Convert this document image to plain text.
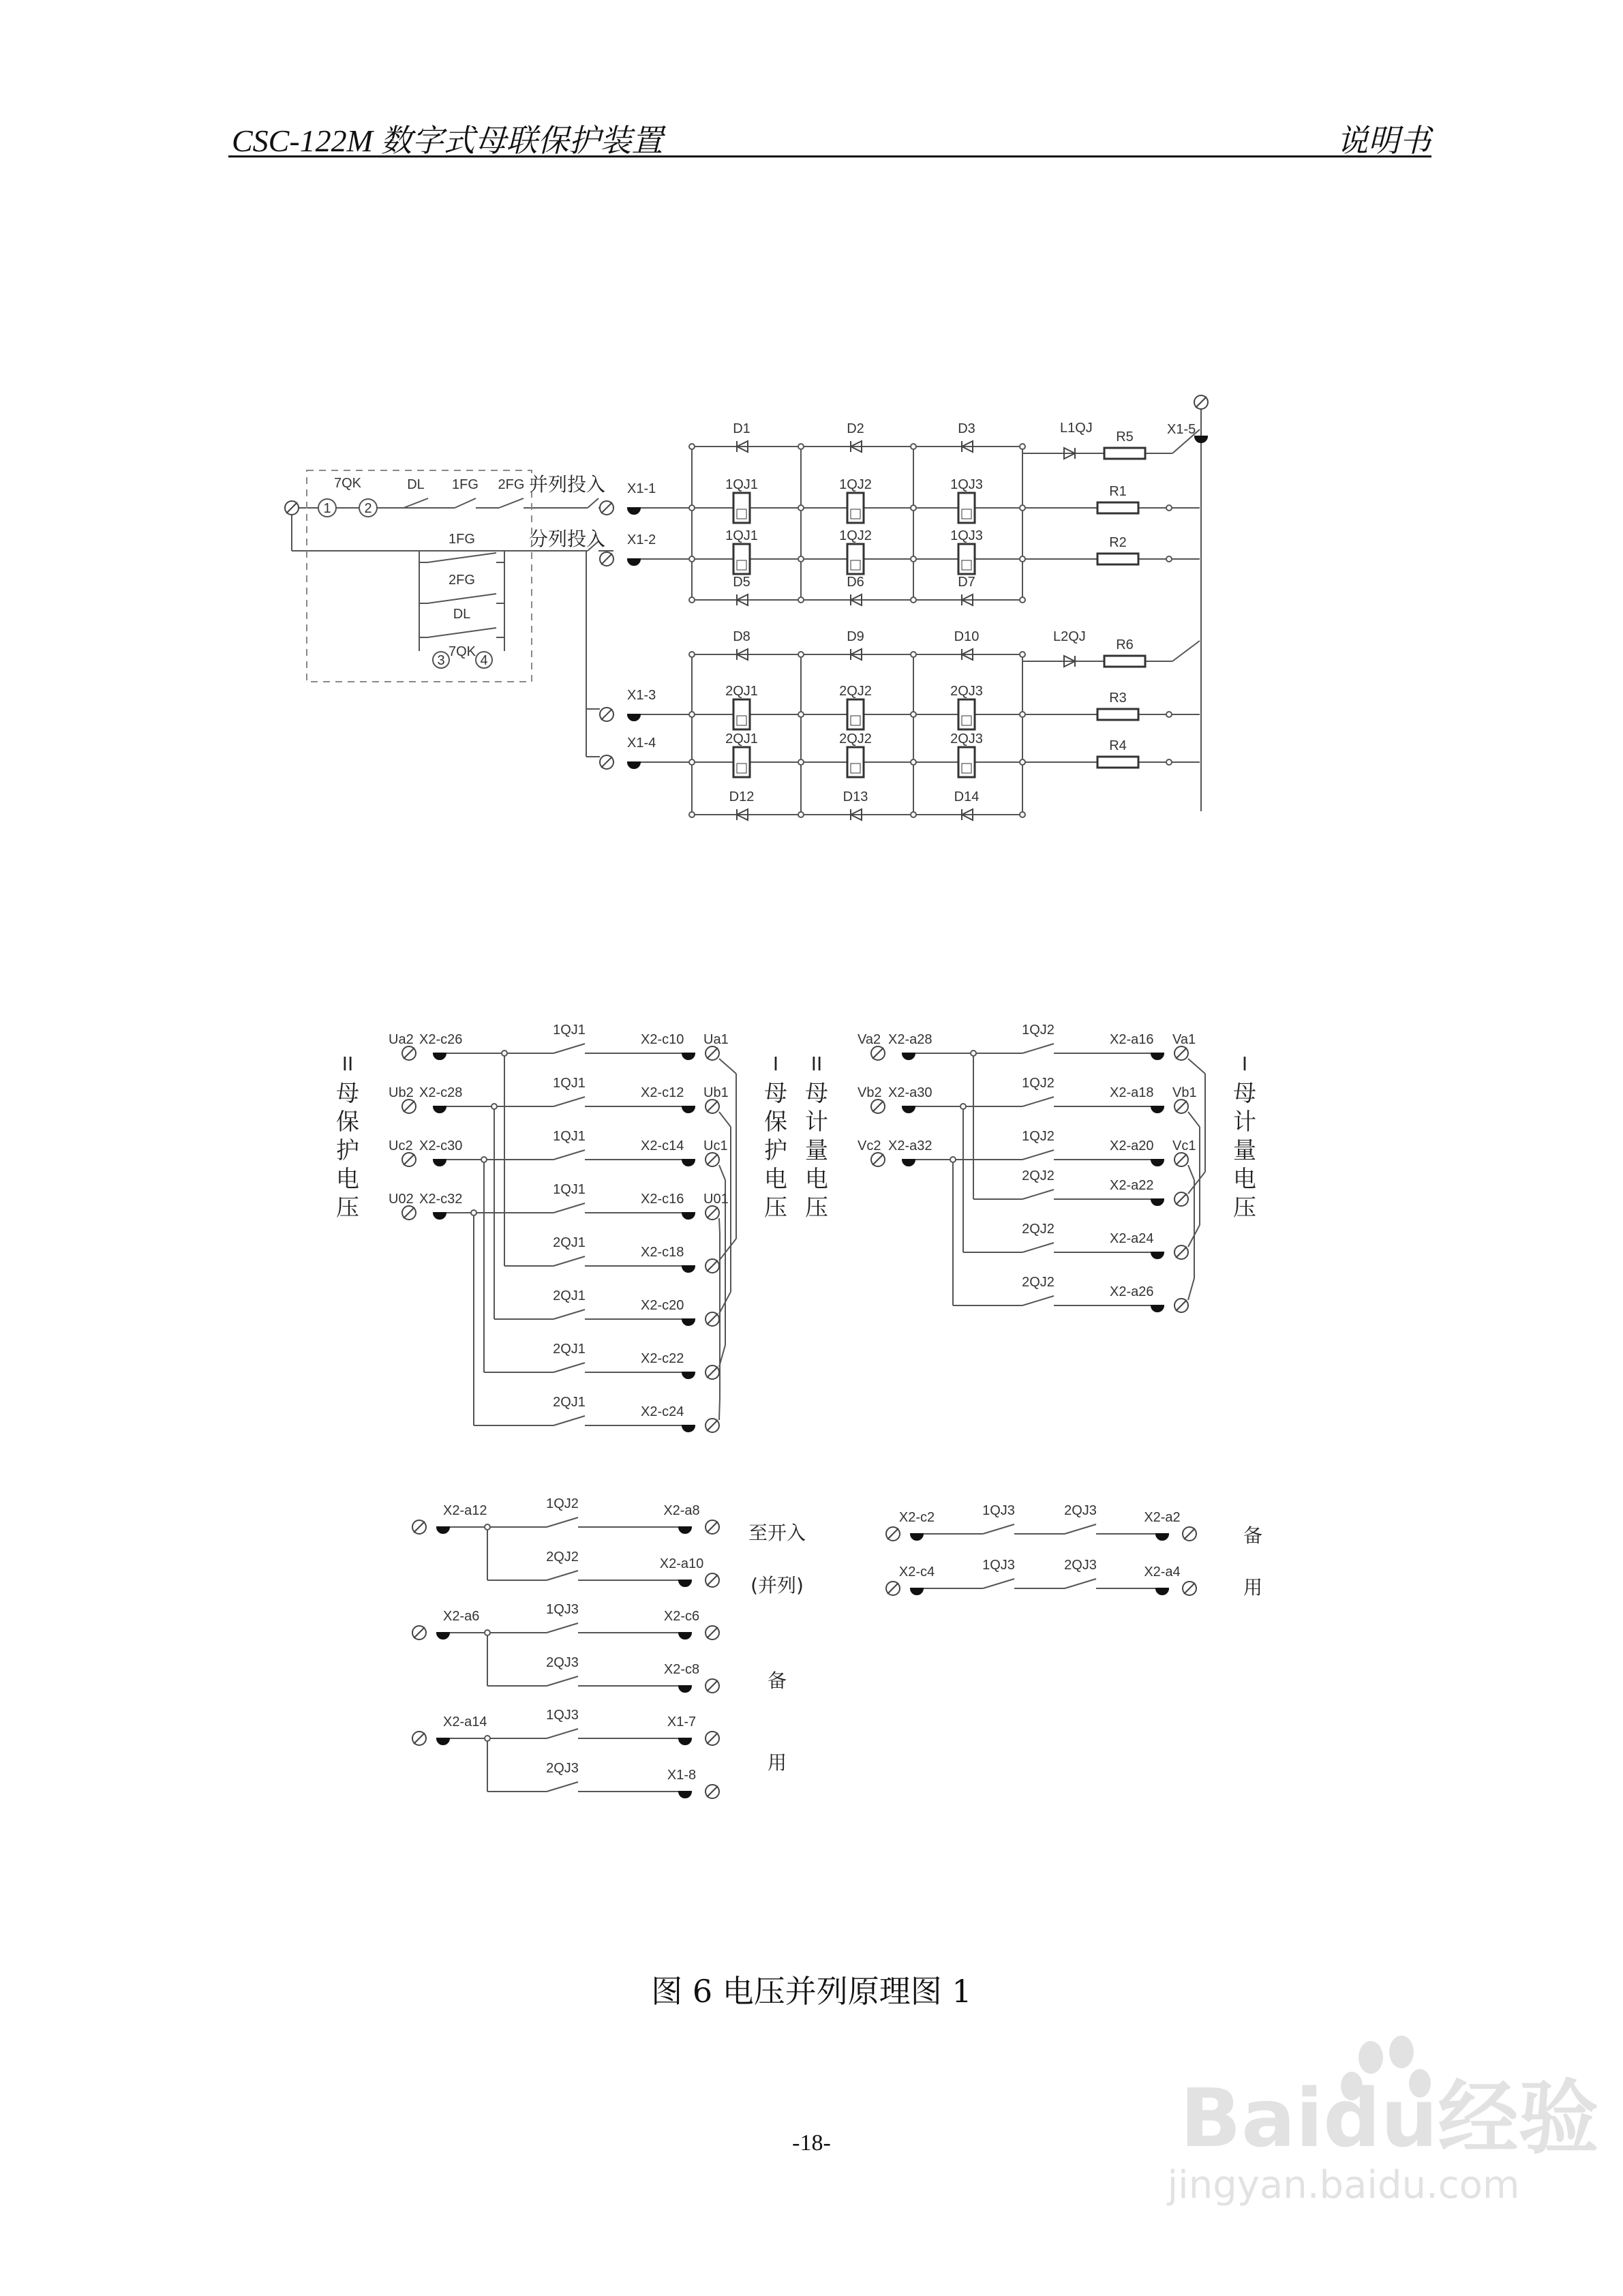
CSC-122M 数字式母联保护装置	说明书
1 2
7QK	DL 1FG 2FG 并列投入
1FG
2FG
DL
3	4
7QK
分列投入
X1-1	1QJ1	1QJ2	1QJ3
X1-2	1QJ1	1QJ2	1QJ3
X1-3	2QJ1	2QJ2	2QJ3
X1-4	2QJ1	2QJ2	2QJ3
D1	D2	D3
D5	D6	D7
D8	D9	D10
D12	D13	D14
L1QJ
R5
L2QJ
R6
R1
R2
R3
R4
X1-5
II
母
保
护
电
压
I
母
保
护
电
压
Ua2 X2-c26
1QJ1
X2-c10 Ua1
Ub2 X2-c28
1QJ1
X2-c12 Ub1
Uc2 X2-c30
1QJ1
X2-c14 Uc1
U02 X2-c32
1QJ1
X2-c16 U01
2QJ1
X2-c18
2QJ1
X2-c20
2QJ1
X2-c22
2QJ1
X2-c24
II
母
计
量
电
压
I
母
计
量
电
压
Va2 X2-a28
1QJ2
X2-a16 Va1
Vb2 X2-a30
1QJ2
X2-a18 Vb1
Vc2 X2-a32
1QJ2
X2-a20 Vc1
2QJ2
X2-a22
2QJ2
X2-a24
2QJ2
X2-a26
X2-a12	1QJ2	X2-a8
2QJ2	X2-a10
X2-a6	1QJ3	X2-c6
2QJ3	X2-c8
X2-a14	1QJ3	X1-7
2QJ3	X1-8
至开入
(并列)
备
用
X2-c2	1QJ3	2QJ3	X2-a2
X2-c4	1QJ3	2QJ3	X2-a4
备
用
图 6 电压并列原理图 1
-18-	Baidu经验
jingyan.baidu.com
